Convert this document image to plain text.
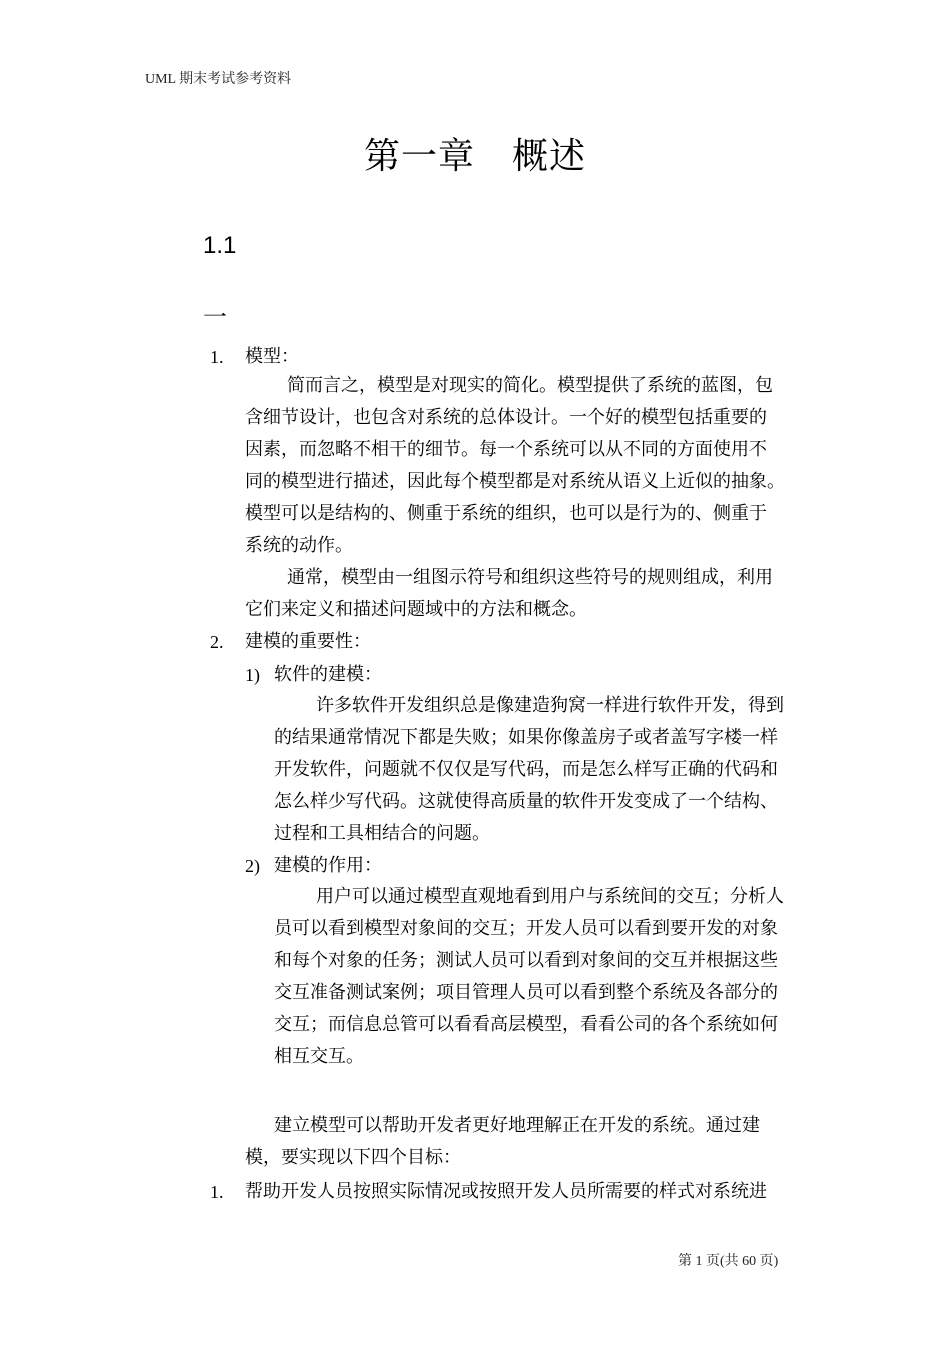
UML 期末考试参考资料
第一章　概述
1.1
一
1. 模型：
简而言之，模型是对现实的简化。模型提供了系统的蓝图，包
含细节设计，也包含对系统的总体设计。一个好的模型包括重要的
因素，而忽略不相干的细节。每一个系统可以从不同的方面使用不
同的模型进行描述，因此每个模型都是对系统从语义上近似的抽象。
模型可以是结构的、侧重于系统的组织，也可以是行为的、侧重于
系统的动作。
通常，模型由一组图示符号和组织这些符号的规则组成，利用
它们来定义和描述问题域中的方法和概念。
2. 建模的重要性：
1) 软件的建模：
许多软件开发组织总是像建造狗窝一样进行软件开发，得到
的结果通常情况下都是失败；如果你像盖房子或者盖写字楼一样
开发软件，问题就不仅仅是写代码，而是怎么样写正确的代码和
怎么样少写代码。这就使得高质量的软件开发变成了一个结构、
过程和工具相结合的问题。
2) 建模的作用：
用户可以通过模型直观地看到用户与系统间的交互；分析人
员可以看到模型对象间的交互；开发人员可以看到要开发的对象
和每个对象的任务；测试人员可以看到对象间的交互并根据这些
交互准备测试案例；项目管理人员可以看到整个系统及各部分的
交互；而信息总管可以看看高层模型，看看公司的各个系统如何
相互交互。
建立模型可以帮助开发者更好地理解正在开发的系统。通过建
模，要实现以下四个目标：
1. 帮助开发人员按照实际情况或按照开发人员所需要的样式对系统进
第 1 页(共 60 页)
